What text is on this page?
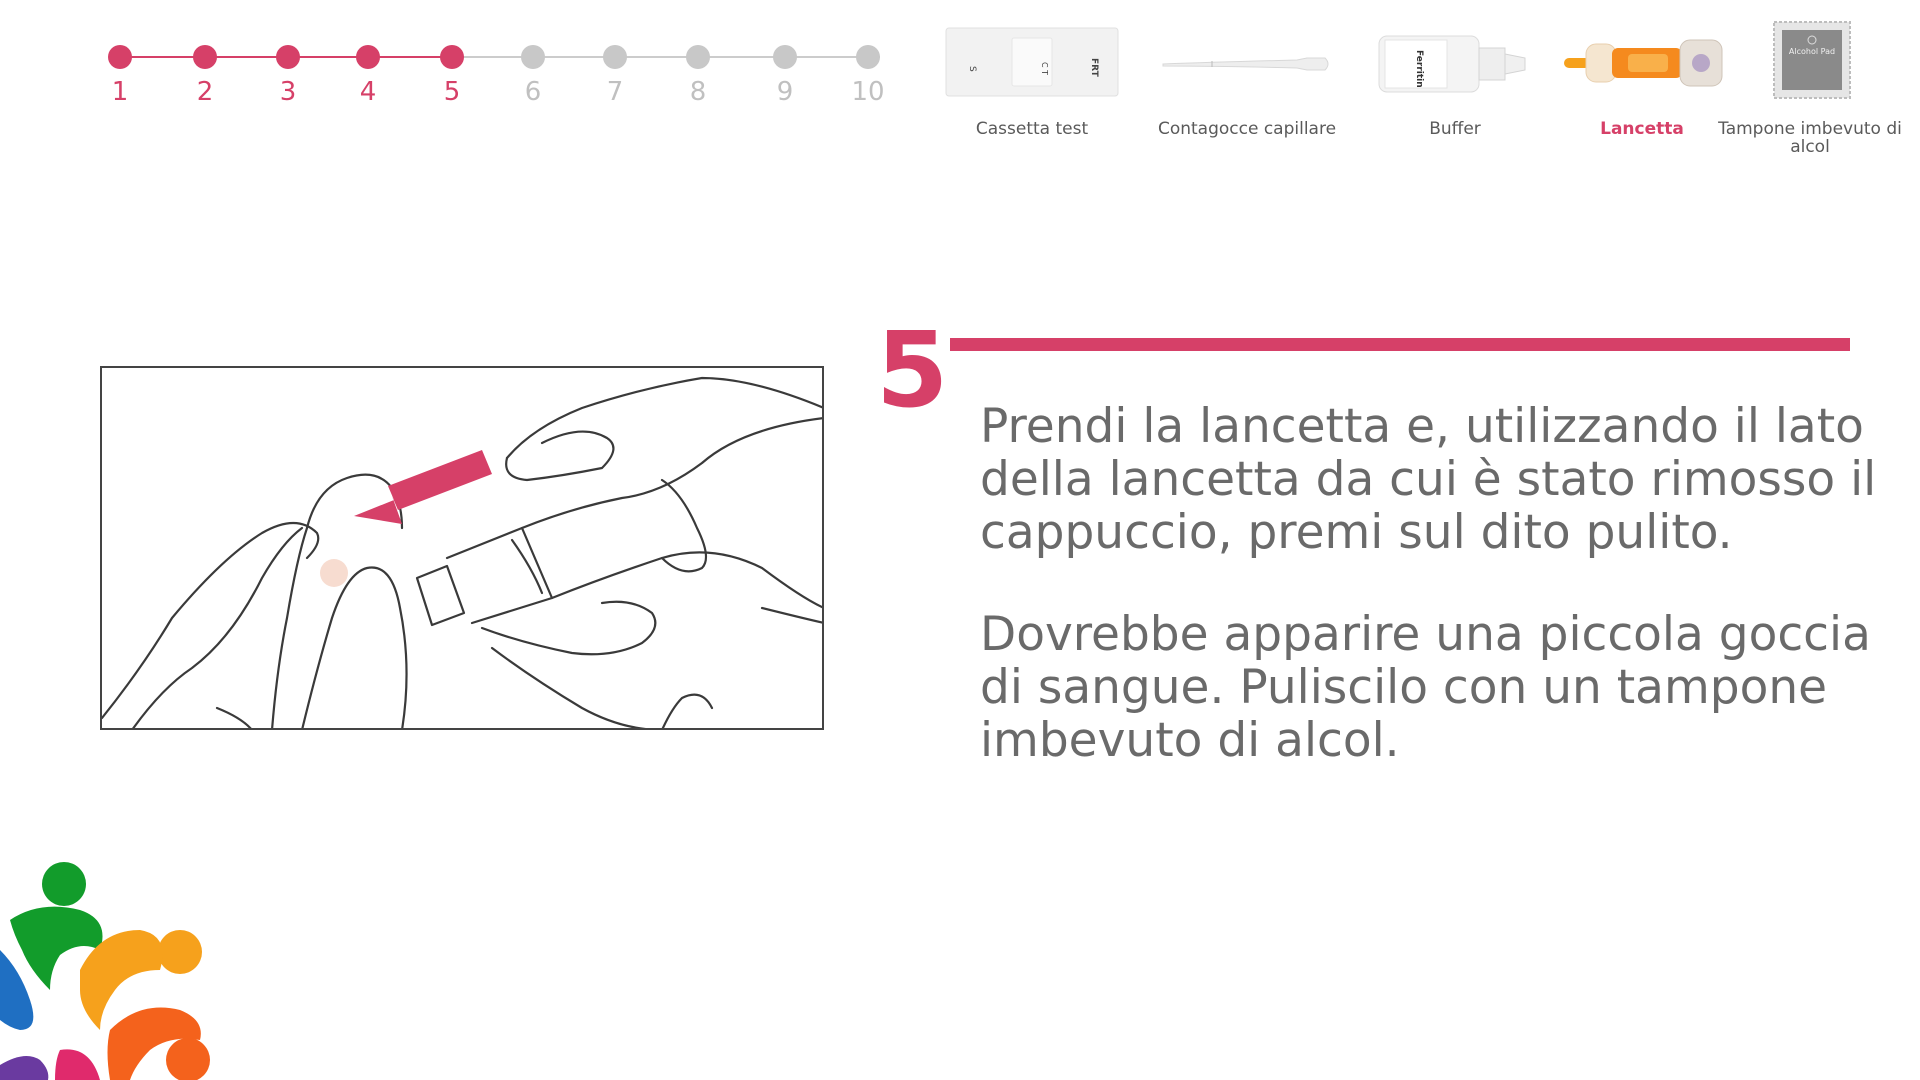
1	2	3 4	5 6	7	8	9 10
S	C T	FRT
Cassetta test	Contagocce capillare
Ferritin
Buffer	Lancetta
Alcohol Pad
Tampone imbevuto di alcol
5 Prendi la lancetta e, utilizzando il lato della lancetta da cui è stato rimosso il cappuccio, premi sul dito pulito.

Dovrebbe apparire una piccola goccia di sangue. Puliscilo con un tampone imbevuto di alcol.
